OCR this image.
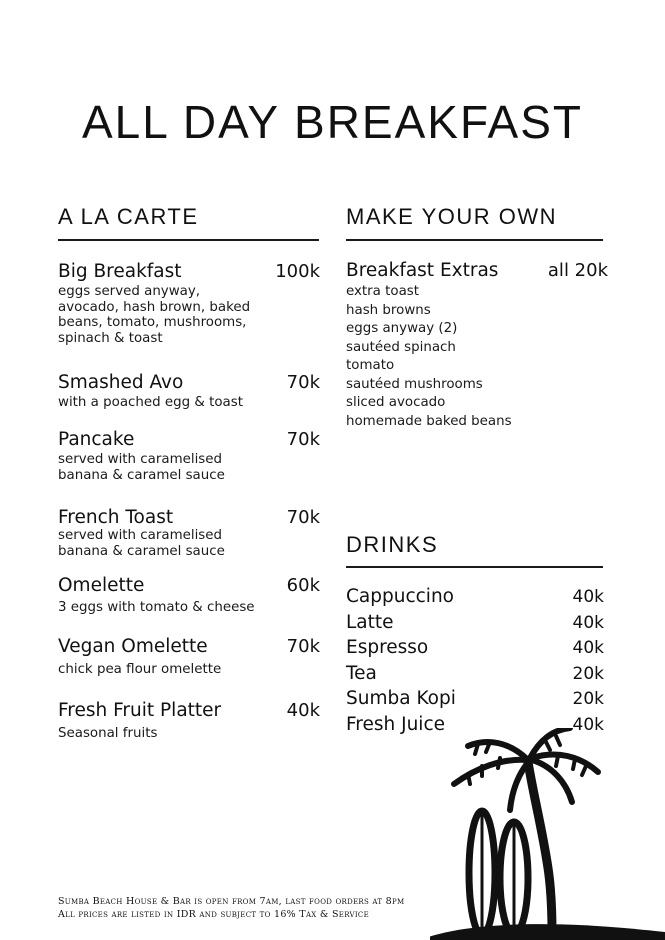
ALL DAY BREAKFAST
A LA CARTE
Big Breakfast	100k
eggs served anyway,
avocado, hash brown, baked
beans, tomato, mushrooms,
spinach & toast
Smashed Avo	70k
with a poached egg & toast
Pancake	70k
served with caramelised
banana & caramel sauce
French Toast	70k
served with caramelised
banana & caramel sauce
Omelette	60k
3 eggs with tomato & cheese
Vegan Omelette	70k
chick pea flour omelette
Fresh Fruit Platter	40k
Seasonal fruits
MAKE YOUR OWN
Breakfast Extras	all 20k
extra toast
hash browns
eggs anyway (2)
sautéed spinach
tomato
sautéed mushrooms
sliced avocado
homemade baked beans
DRINKS
Cappuccino	40k
Latte	40k
Espresso	40k
Tea	20k
Sumba Kopi	20k
Fresh Juice	40k
Sumba Beach House & Bar is open from 7am, last food orders at 8pm
All prices are listed in IDR and subject to 16% Tax & Service
